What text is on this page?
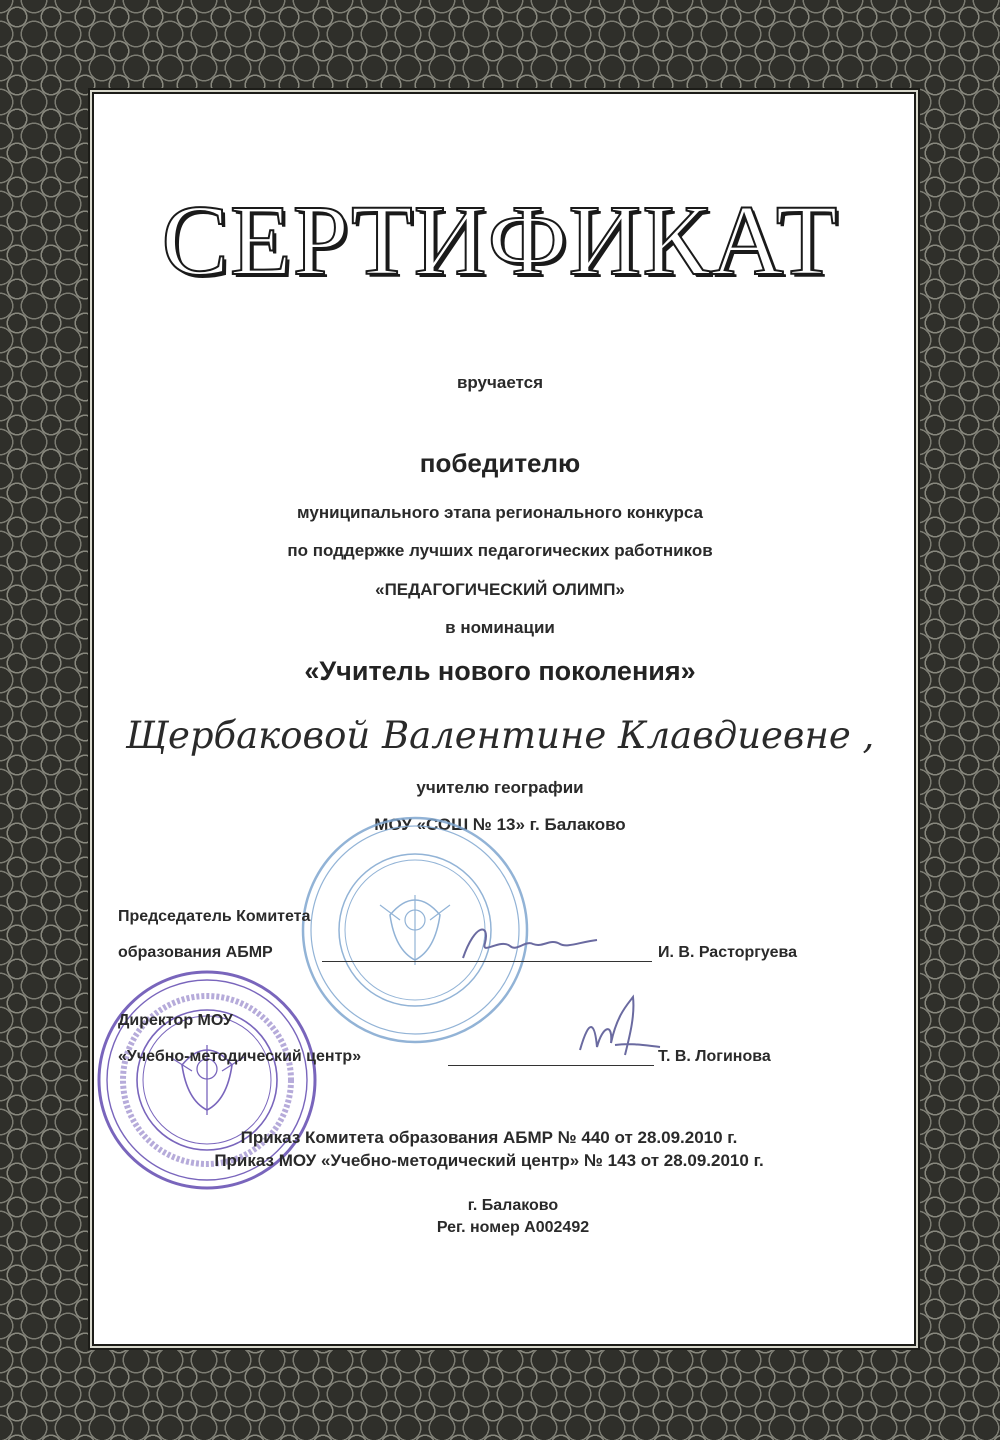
СЕРТИФИКАТ
вручается
победителю
муниципального этапа регионального конкурса
по поддержке лучших педагогических работников
«ПЕДАГОГИЧЕСКИЙ ОЛИМП»
в номинации
«Учитель нового поколения»
Щербаковой Валентине Клавдиевне ,
учителю географии
МОУ «СОШ № 13» г. Балаково
Председатель Комитета
образования АБМР	И. В. Расторгуева
Директор МОУ
«Учебно-методический центр»	Т. В. Логинова
Приказ Комитета образования АБМР № 440 от 28.09.2010 г.
Приказ МОУ «Учебно-методический центр» № 143 от 28.09.2010 г.
г. Балаково
Рег. номер А002492
